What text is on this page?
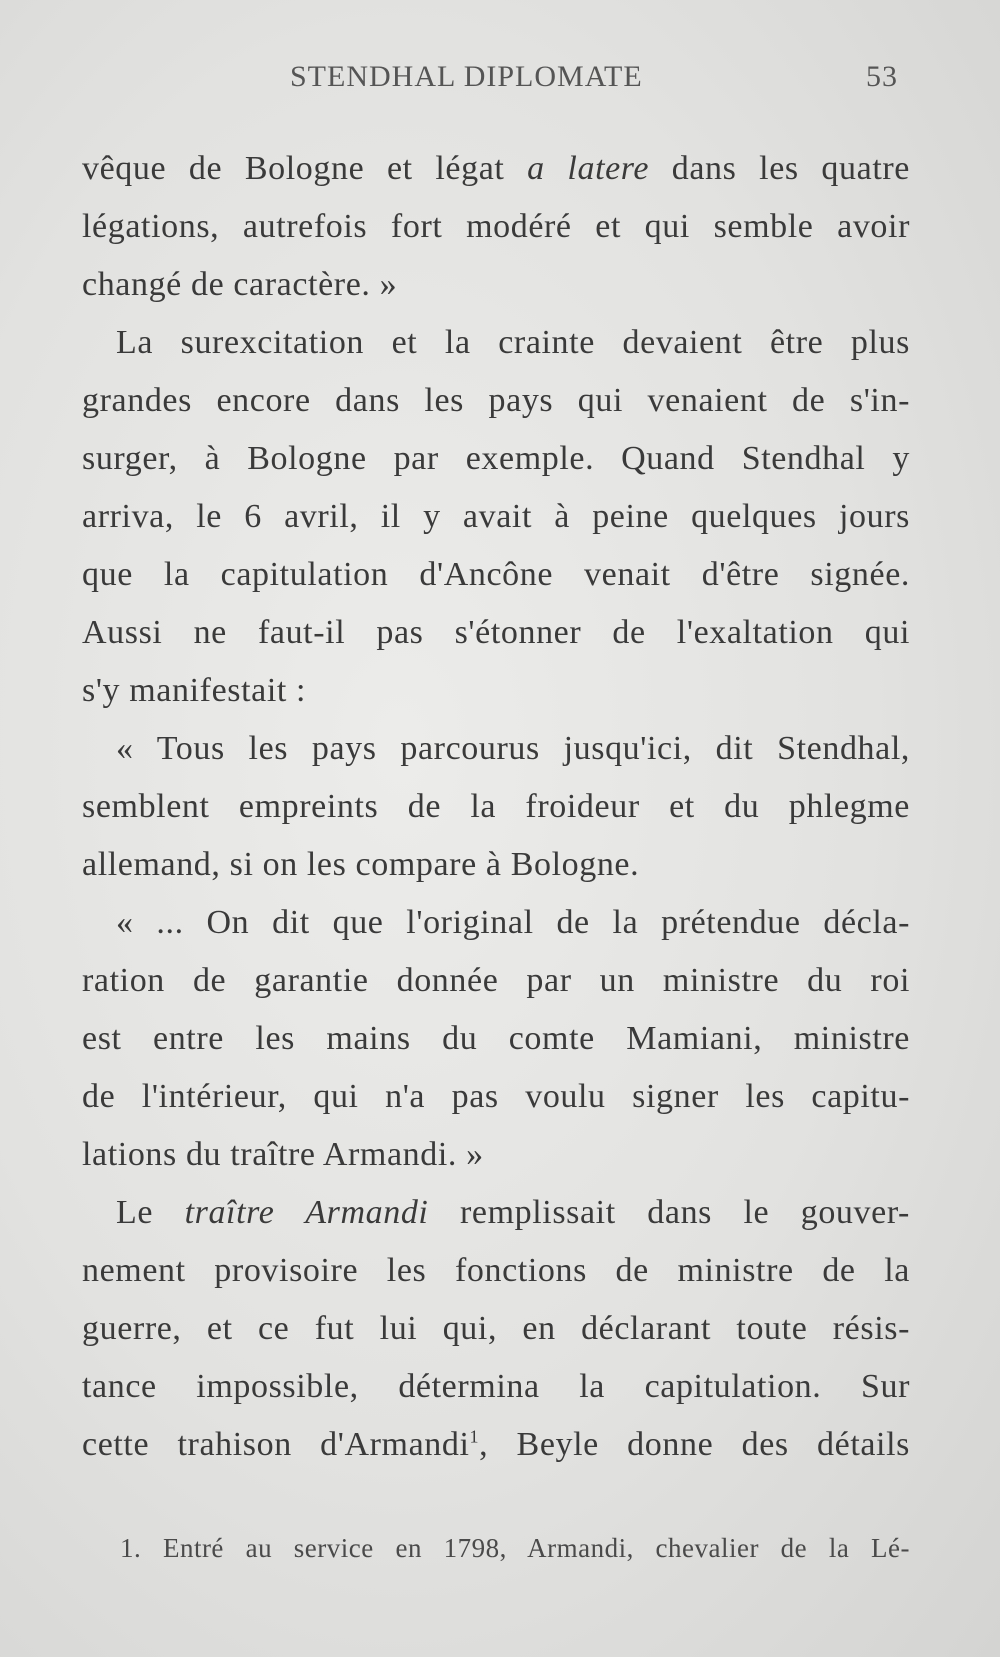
STENDHAL DIPLOMATE	53
vêque de Bologne et légat a latere dans les quatre
légations, autrefois fort modéré et qui semble avoir
changé de caractère. »
La surexcitation et la crainte devaient être plus
grandes encore dans les pays qui venaient de s'in-
surger, à Bologne par exemple. Quand Stendhal y
arriva, le 6 avril, il y avait à peine quelques jours
que la capitulation d'Ancône venait d'être signée.
Aussi ne faut-il pas s'étonner de l'exaltation qui
s'y manifestait :
« Tous les pays parcourus jusqu'ici, dit Stendhal,
semblent empreints de la froideur et du phlegme
allemand, si on les compare à Bologne.
« ... On dit que l'original de la prétendue décla-
ration de garantie donnée par un ministre du roi
est entre les mains du comte Mamiani, ministre
de l'intérieur, qui n'a pas voulu signer les capitu-
lations du traître Armandi. »
Le traître Armandi remplissait dans le gouver-
nement provisoire les fonctions de ministre de la
guerre, et ce fut lui qui, en déclarant toute résis-
tance impossible, détermina la capitulation. Sur
cette trahison d'Armandi$^1$, Beyle donne des détails
1. Entré au service en 1798, Armandi, chevalier de la Lé-
